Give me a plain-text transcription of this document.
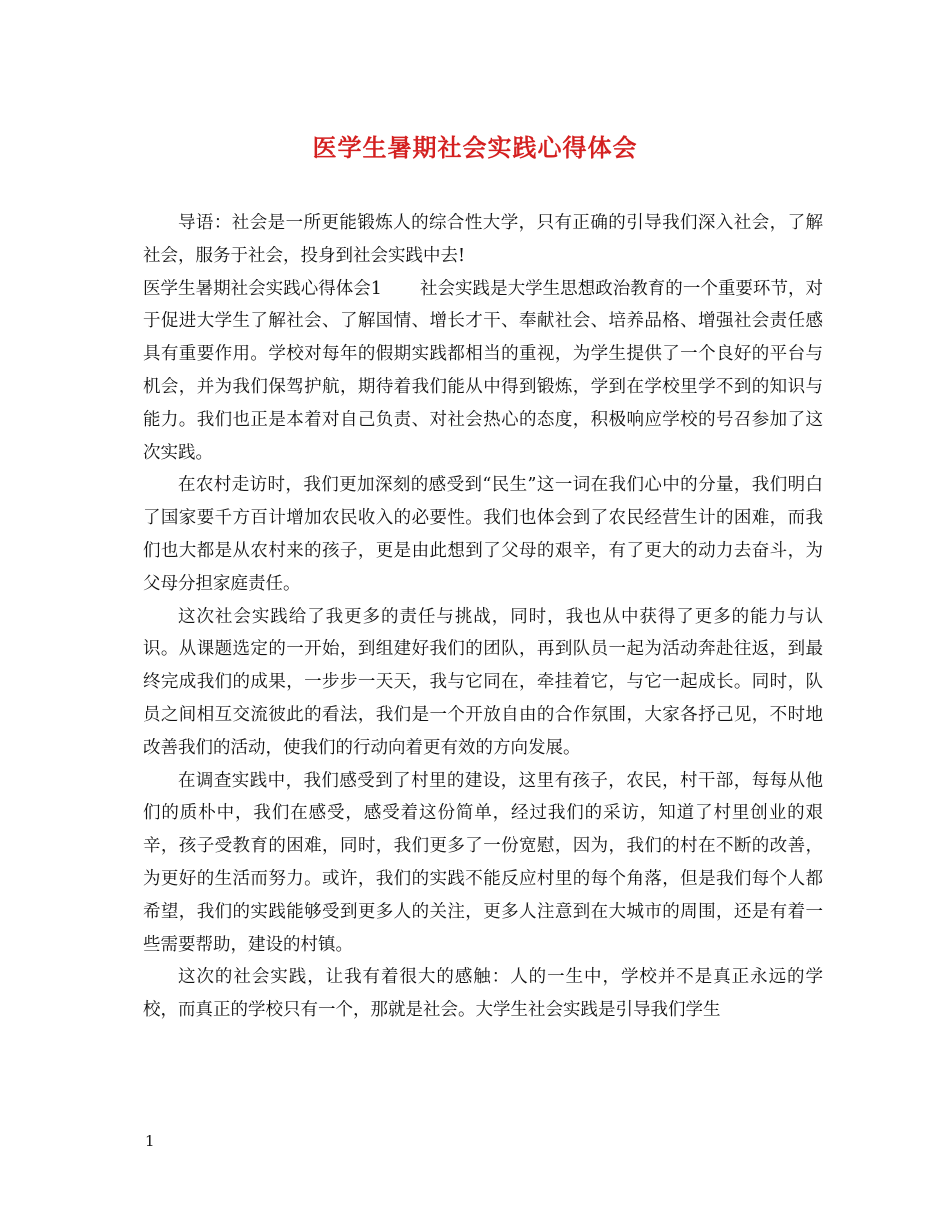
医学生暑期社会实践心得体会

导语：社会是一所更能锻炼人的综合性大学，只有正确的引导我们深入社会，了解社会，服务于社会，投身到社会实践中去!

医学生暑期社会实践心得体会1 社会实践是大学生思想政治教育的一个重要环节，对于促进大学生了解社会、了解国情、增长才干、奉献社会、培养品格、增强社会责任感具有重要作用。学校对每年的假期实践都相当的重视，为学生提供了一个良好的平台与机会，并为我们保驾护航，期待着我们能从中得到锻炼，学到在学校里学不到的知识与能力。我们也正是本着对自己负责、对社会热心的态度，积极响应学校的号召参加了这次实践。

在农村走访时，我们更加深刻的感受到“民生”这一词在我们心中的分量，我们明白了国家要千方百计增加农民收入的必要性。我们也体会到了农民经营生计的困难，而我们也大都是从农村来的孩子，更是由此想到了父母的艰辛，有了更大的动力去奋斗，为父母分担家庭责任。

这次社会实践给了我更多的责任与挑战，同时，我也从中获得了更多的能力与认识。从课题选定的一开始，到组建好我们的团队，再到队员一起为活动奔赴往返，到最终完成我们的成果，一步步一天天，我与它同在，牵挂着它，与它一起成长。同时，队员之间相互交流彼此的看法，我们是一个开放自由的合作氛围，大家各抒己见，不时地改善我们的活动，使我们的行动向着更有效的方向发展。

在调查实践中，我们感受到了村里的建设，这里有孩子，农民，村干部，每每从他们的质朴中，我们在感受，感受着这份简单，经过我们的采访，知道了村里创业的艰辛，孩子受教育的困难，同时，我们更多了一份宽慰，因为，我们的村在不断的改善，为更好的生活而努力。或许，我们的实践不能反应村里的每个角落，但是我们每个人都希望，我们的实践能够受到更多人的关注，更多人注意到在大城市的周围，还是有着一些需要帮助，建设的村镇。

这次的社会实践，让我有着很大的感触：人的一生中，学校并不是真正永远的学校，而真正的学校只有一个，那就是社会。大学生社会实践是引导我们学生

1
